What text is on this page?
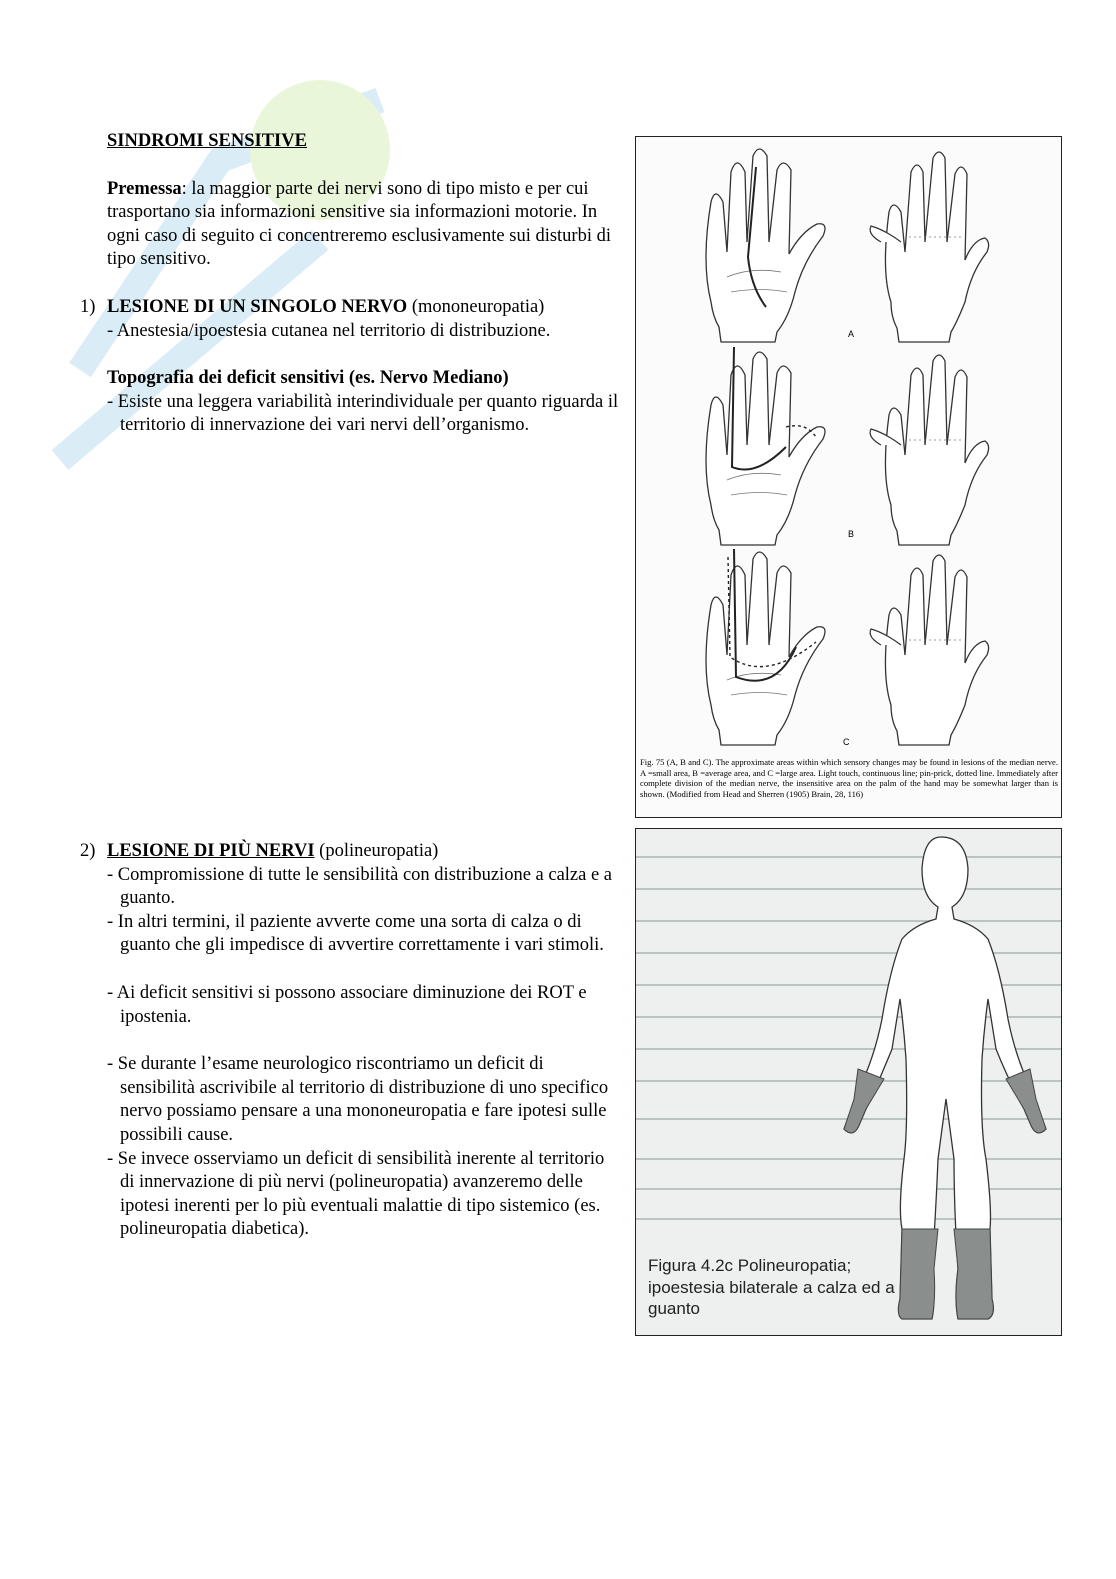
SINDROMI SENSITIVE

Premessa: la maggior parte dei nervi sono di tipo misto e per cui trasportano sia informazioni sensitive sia informazioni motorie. In ogni caso di seguito ci concentreremo esclusivamente sui disturbi di tipo sensitivo.

1) LESIONE DI UN SINGOLO NERVO (mononeuropatia)

- Anestesia/ipoestesia cutanea nel territorio di distribuzione.

Topografia dei deficit sensitivi (es. Nervo Mediano)

- Esiste una leggera variabilità interindividuale per quanto riguarda il territorio di innervazione dei vari nervi dell’organismo.

2) LESIONE DI PIÙ NERVI (polineuropatia)

- Compromissione di tutte le sensibilità con distribuzione a calza e a guanto.

- In altri termini, il paziente avverte come una sorta di calza o di guanto che gli impedisce di avvertire correttamente i vari stimoli.

- Ai deficit sensitivi si possono associare diminuzione dei ROT e ipostenia.

- Se durante l’esame neurologico riscontriamo un deficit di sensibilità ascrivibile al territorio di distribuzione di uno specifico nervo possiamo pensare a una mononeuropatia e fare ipotesi sulle possibili cause.

- Se invece osserviamo un deficit di sensibilità inerente al territorio di innervazione di più nervi (polineuropatia) avanzeremo delle ipotesi inerenti per lo più eventuali malattie di tipo sistemico (es. polineuropatia diabetica).

A
B
C
Fig. 75 (A, B and C). The approximate areas within which sensory changes may be found in lesions of the median nerve. A =small area, B =average area, and C =large area. Light touch, continuous line; pin-prick, dotted line. Immediately after complete division of the median nerve, the insensitive area on the palm of the hand may be somewhat larger than is shown. (Modified from Head and Sherren (1905) Brain, 28, 116)
Figura 4.2c Polineuropatia; ipoestesia bilaterale a calza ed a guanto
